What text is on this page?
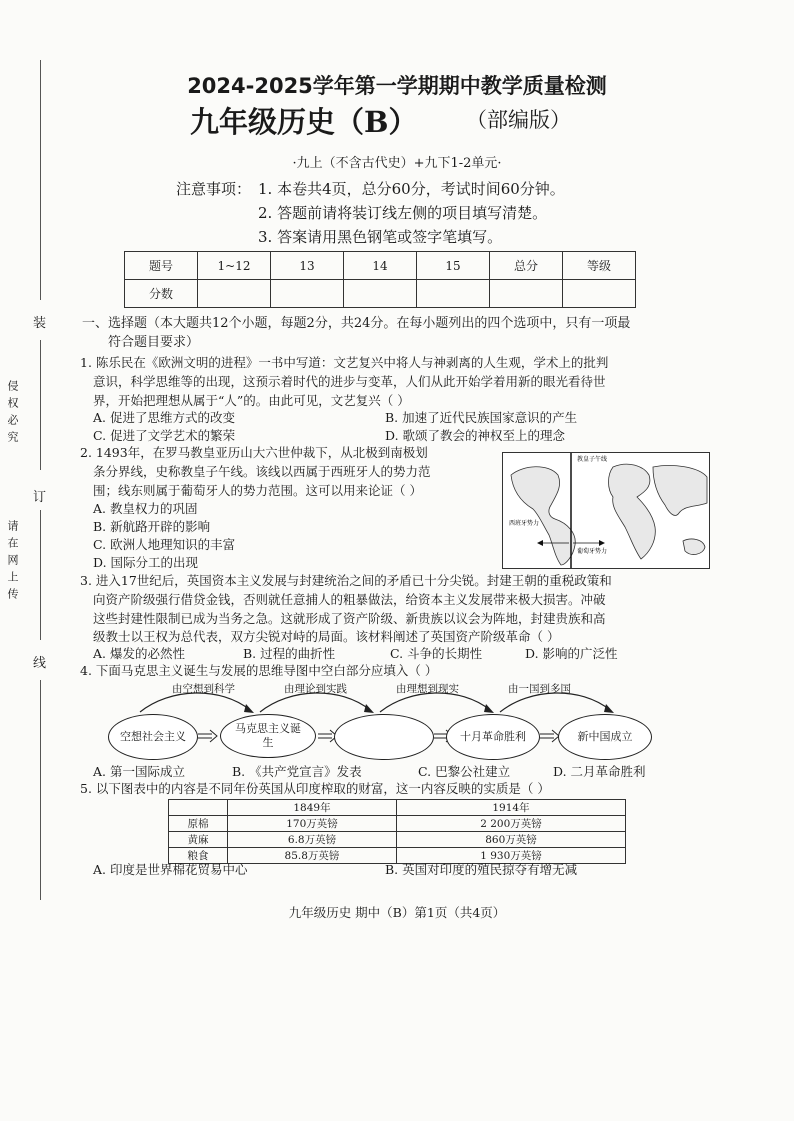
装
订
线
请在网上传
侵权必究
2024-2025学年第一学期期中教学质量检测
九年级历史（B） （部编版）
·九上（不含古代史）+九下1-2单元·
注意事项： 1. 本卷共4页，总分60分，考试时间60分钟。
2. 答题前请将装订线左侧的项目填写清楚。
3. 答案请用黑色钢笔或签字笔填写。
题号	1~12	13	14	15	总分	等级
分数						
一、选择题（本大题共12个小题，每题2分，共24分。在每小题列出的四个选项中，只有一项最
符合题目要求）
1. 陈乐民在《欧洲文明的进程》一书中写道：文艺复兴中将人与神剥离的人生观，学术上的批判
意识，科学思维等的出现，这预示着时代的进步与变革，人们从此开始学着用新的眼光看待世
界，开始把理想从属于“人”的。由此可见，文艺复兴（ ）
A. 促进了思维方式的改变	B. 加速了近代民族国家意识的产生
C. 促进了文学艺术的繁荣	D. 歌颂了教会的神权至上的理念
2. 1493年，在罗马教皇亚历山大六世仲裁下，从北极到南极划
条分界线，史称教皇子午线。该线以西属于西班牙人的势力范
围；线东则属于葡萄牙人的势力范围。这可以用来论证（ ）
A. 教皇权力的巩固
B. 新航路开辟的影响
C. 欧洲人地理知识的丰富
D. 国际分工的出现
西班牙势力
葡萄牙势力
教皇子午线
3. 进入17世纪后，英国资本主义发展与封建统治之间的矛盾已十分尖锐。封建王朝的重税政策和
向资产阶级强行借贷金钱，否则就任意捕人的粗暴做法，给资本主义发展带来极大损害。冲破
这些封建性限制已成为当务之急。这就形成了资产阶级、新贵族以议会为阵地，封建贵族和高
级教士以王权为总代表，双方尖锐对峙的局面。该材料阐述了英国资产阶级革命（ ）
A. 爆发的必然性	B. 过程的曲折性	C. 斗争的长期性	D. 影响的广泛性
4. 下面马克思主义诞生与发展的思维导图中空白部分应填入（ ）
由空想到科学	由理论到实践	由理想到现实	由一国到多国
空想社会主义
马克思主义诞生	十月革命胜利	新中国成立
A. 第一国际成立	B. 《共产党宣言》发表	C. 巴黎公社建立	D. 二月革命胜利
5. 以下图表中的内容是不同年份英国从印度榨取的财富，这一内容反映的实质是（ ）
	1849年	1914年
原棉	170万英镑	2 200万英镑
黄麻	6.8万英镑	860万英镑
粮食	85.8万英镑	1 930万英镑
A. 印度是世界棉花贸易中心	B. 英国对印度的殖民掠夺有增无减
九年级历史 期中（B）第1页（共4页）
